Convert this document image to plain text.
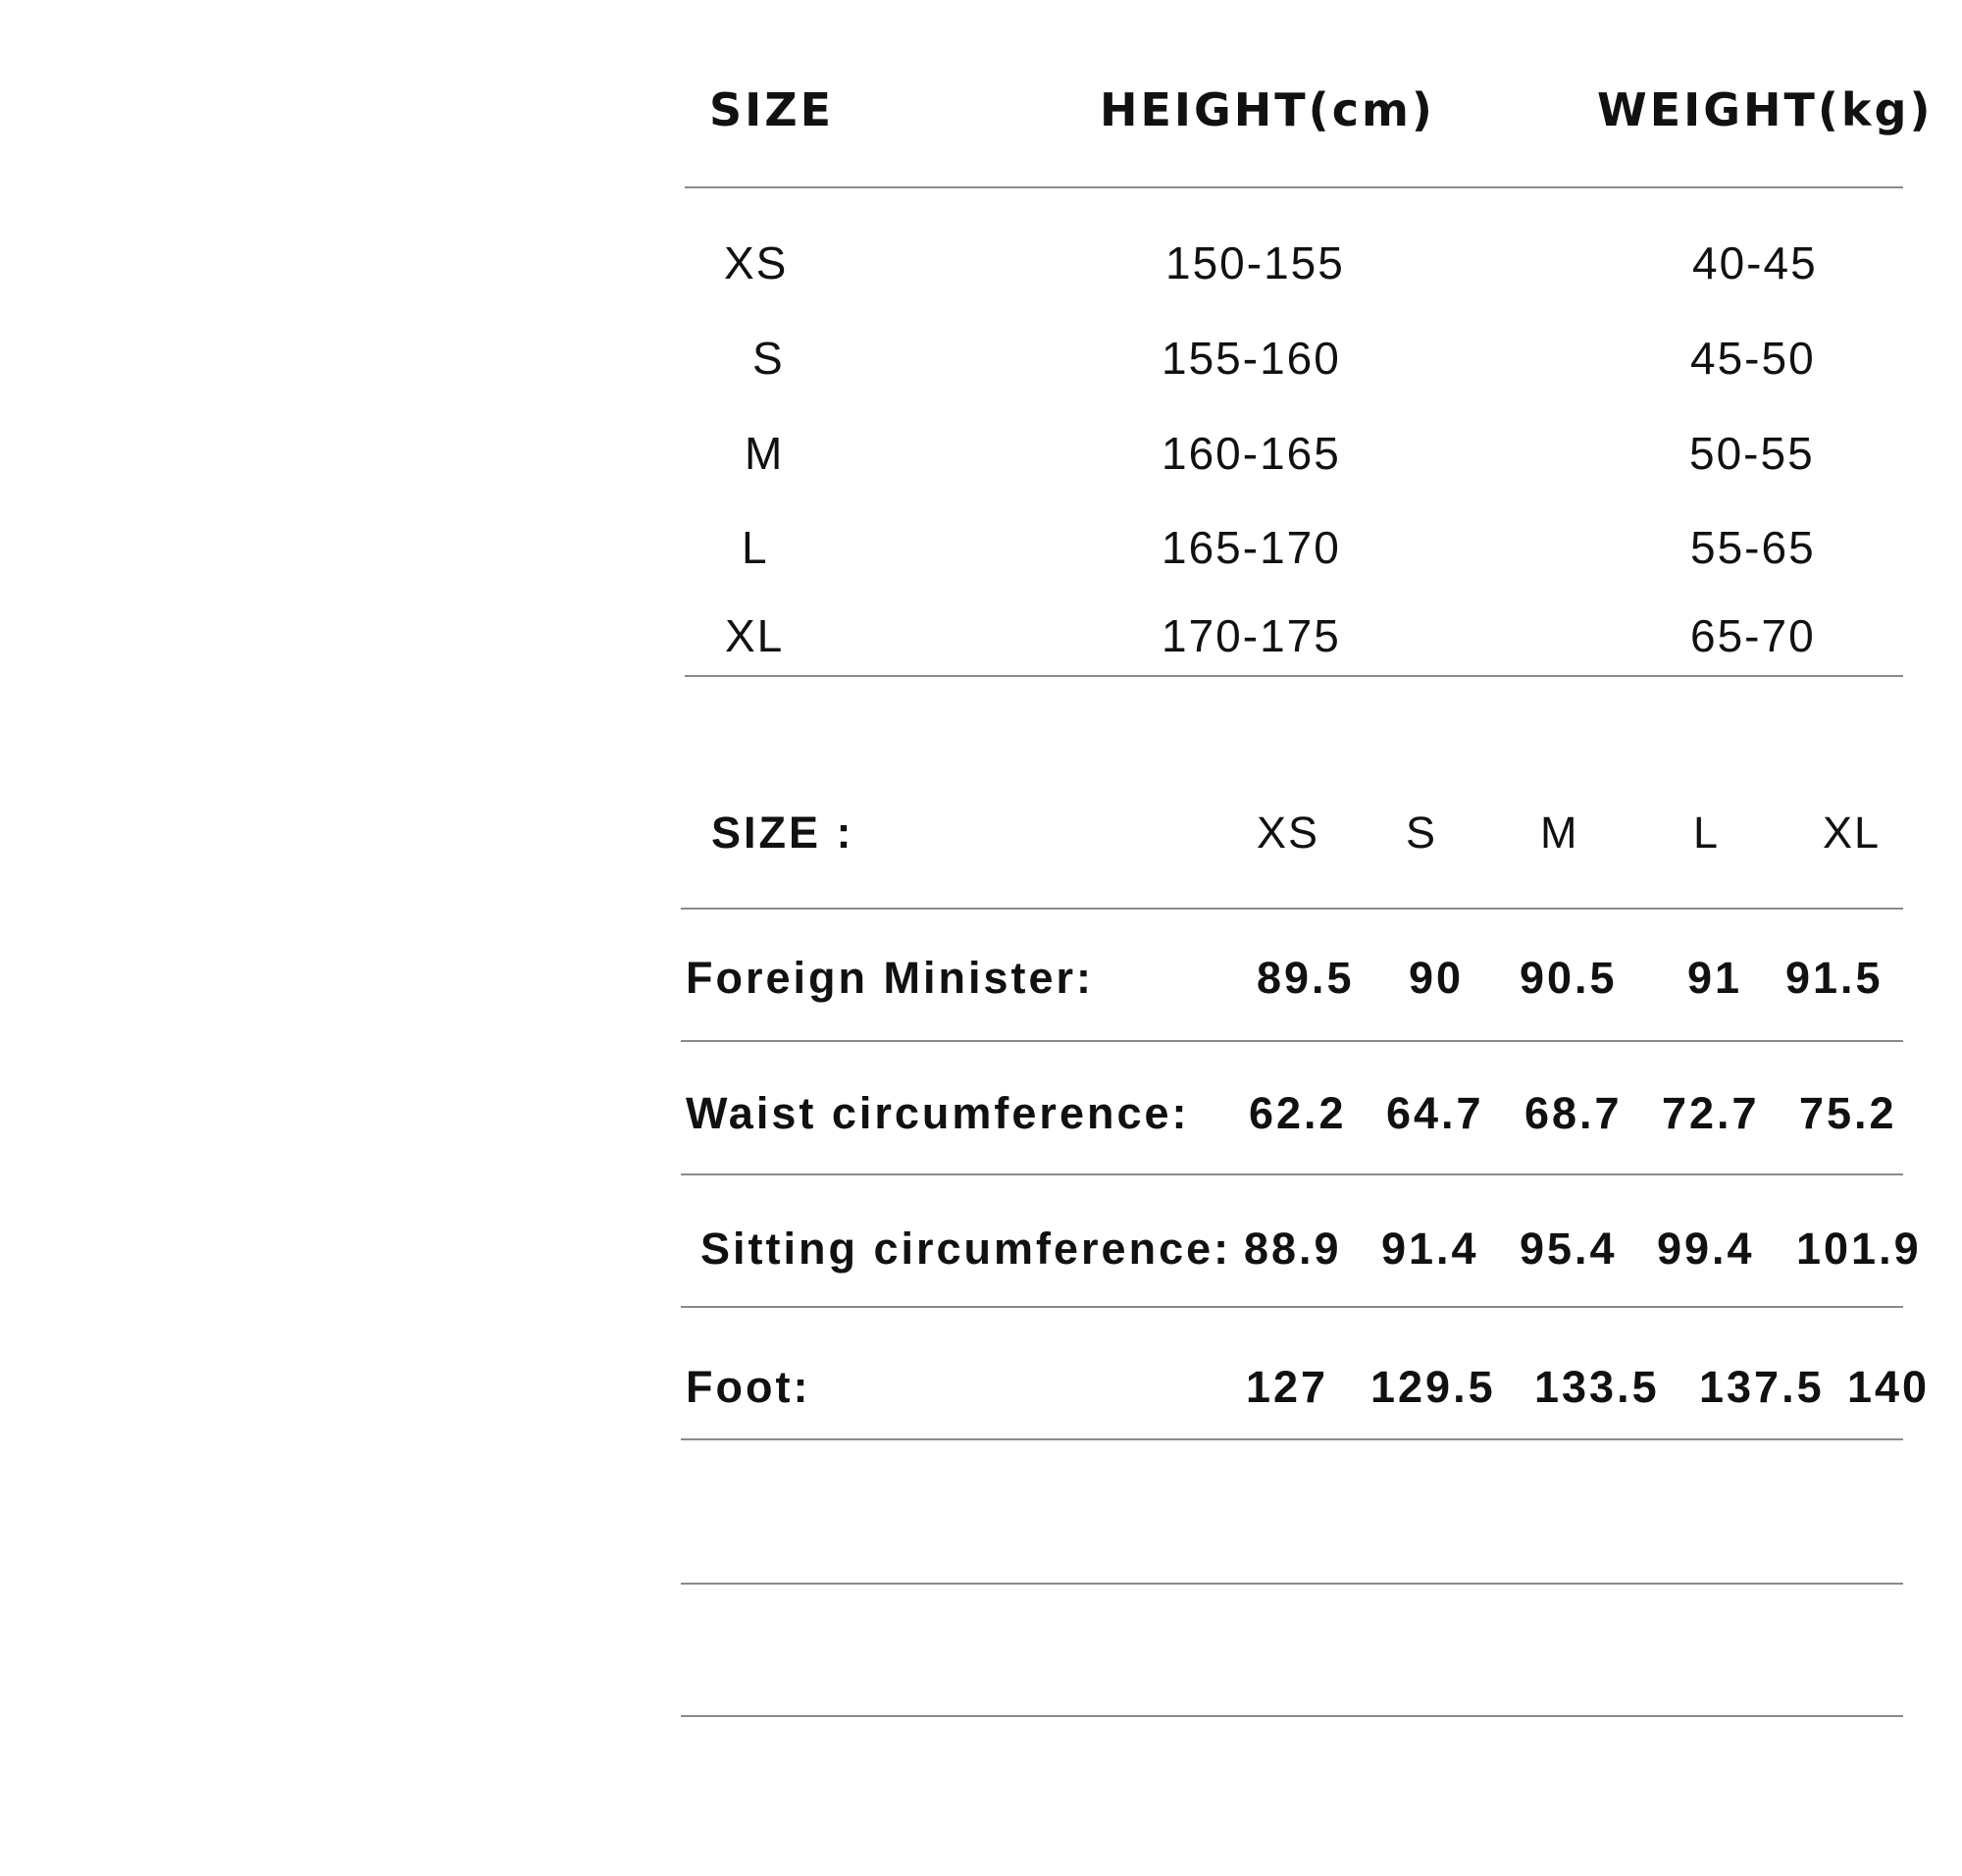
SIZE	HEIGHT(cm)	WEIGHT(kg)
XS	150-155	40-45
S	155-160	45-50
M	160-165	50-55
L	165-170	55-65
XL	170-175	65-70
SIZE :	XS S M	L XL
Foreign Minister:	89.5 90 90.5 91 91.5
Waist circumference: 62.2 64.7 68.7 72.7 75.2
Sitting circumference: 88.9 91.4 95.4 99.4 101.9
Foot:	127 129.5 133.5 137.5 140
